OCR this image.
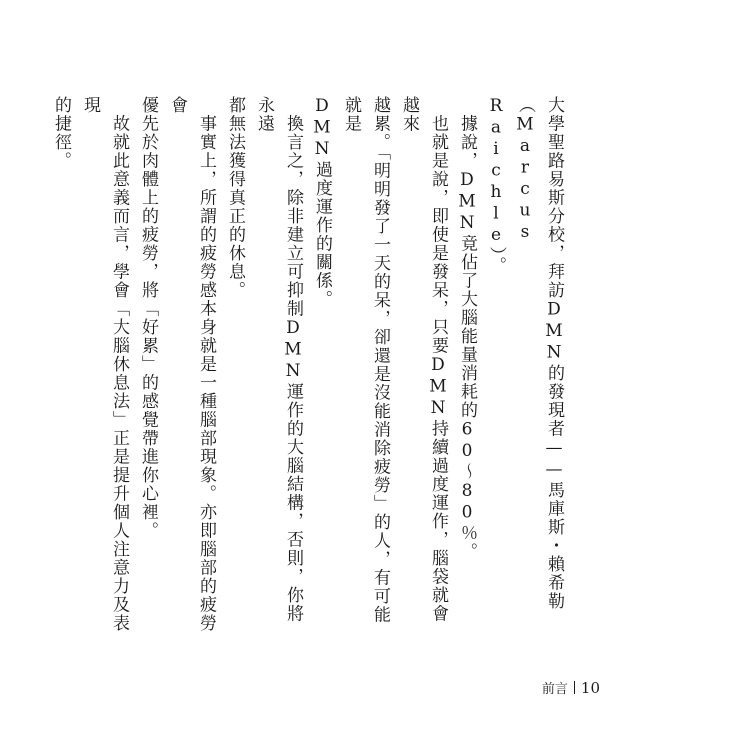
大學聖路易斯分校，拜訪DMN的發現者——馬庫斯・賴希勒（Marcus

Raichle）。

　據說，DMN竟佔了大腦能量消耗的60～80％。

　也就是說，即使是發呆，只要DMN持續過度運作，腦袋就會越來

越累。「明明發了一天的呆，卻還是沒能消除疲勞」的人，有可能就是

DMN過度運作的關係。

　換言之，除非建立可抑制DMN運作的大腦結構，否則，你將永遠

都無法獲得真正的休息。

　事實上，所謂的疲勞感本身就是一種腦部現象。亦即腦部的疲勞會

優先於肉體上的疲勞，將「好累」的感覺帶進你心裡。

　故就此意義而言，學會「大腦休息法」正是提升個人注意力及表現

的捷徑。

前言 10
